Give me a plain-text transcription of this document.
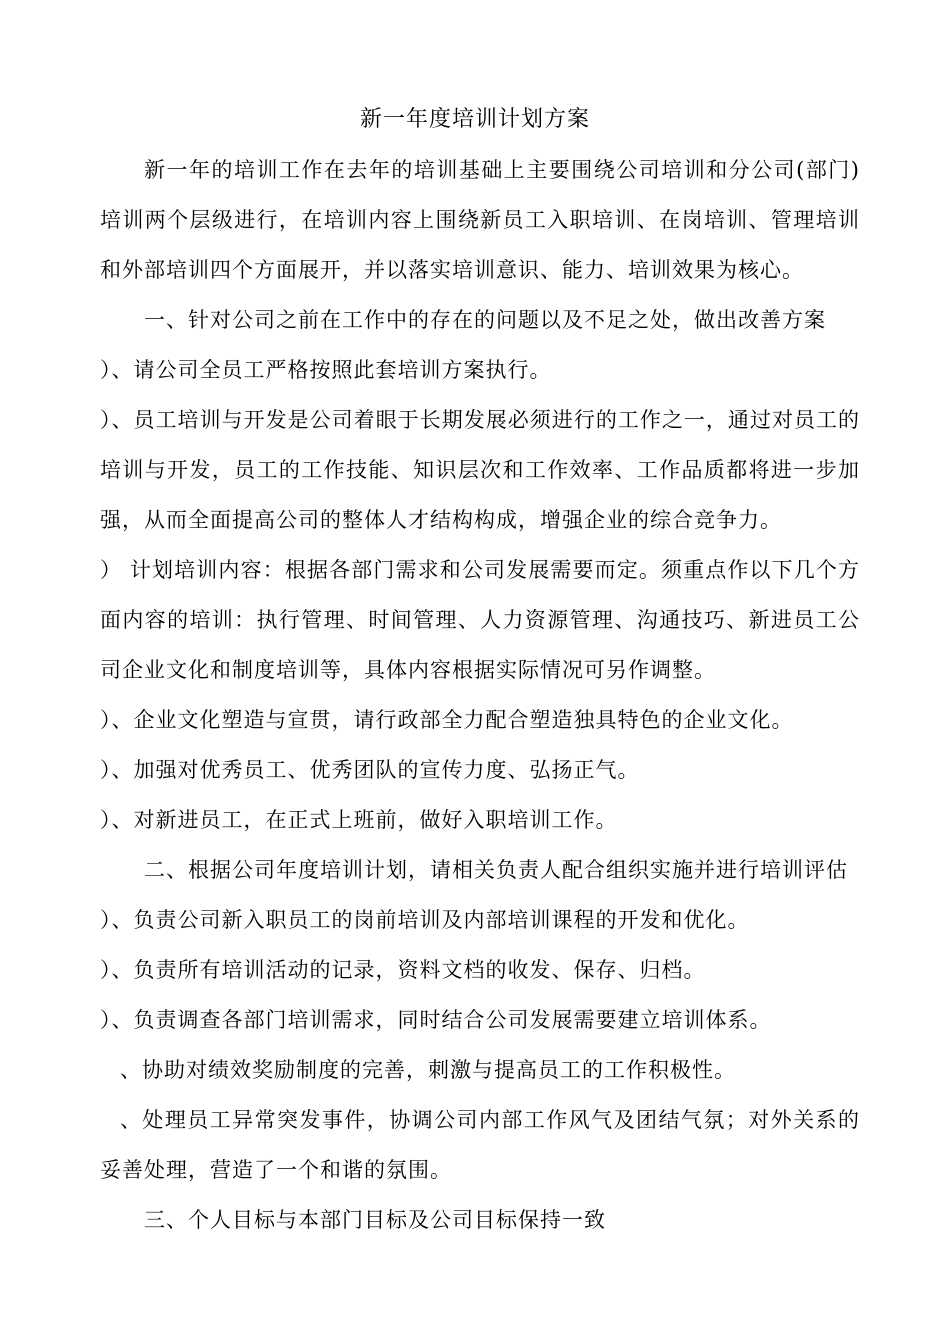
新一年度培训计划方案

新一年的培训工作在去年的培训基础上主要围绕公司培训和分公司(部门)培训两个层级进行，在培训内容上围绕新员工入职培训、在岗培训、管理培训和外部培训四个方面展开，并以落实培训意识、能力、培训效果为核心。

一、针对公司之前在工作中的存在的问题以及不足之处，做出改善方案

）、请公司全员工严格按照此套培训方案执行。

）、员工培训与开发是公司着眼于长期发展必须进行的工作之一，通过对员工的培训与开发，员工的工作技能、知识层次和工作效率、工作品质都将进一步加强，从而全面提高公司的整体人才结构构成，增强企业的综合竞争力。

） 计划培训内容：根据各部门需求和公司发展需要而定。须重点作以下几个方面内容的培训：执行管理、时间管理、人力资源管理、沟通技巧、新进员工公司企业文化和制度培训等，具体内容根据实际情况可另作调整。

）、企业文化塑造与宣贯，请行政部全力配合塑造独具特色的企业文化。

）、加强对优秀员工、优秀团队的宣传力度、弘扬正气。

）、对新进员工，在正式上班前，做好入职培训工作。

二、根据公司年度培训计划，请相关负责人配合组织实施并进行培训评估

）、负责公司新入职员工的岗前培训及内部培训课程的开发和优化。

）、负责所有培训活动的记录，资料文档的收发、保存、归档。

）、负责调查各部门培训需求，同时结合公司发展需要建立培训体系。

、协助对绩效奖励制度的完善，刺激与提高员工的工作积极性。

、处理员工异常突发事件，协调公司内部工作风气及团结气氛；对外关系的妥善处理，营造了一个和谐的氛围。

三、个人目标与本部门目标及公司目标保持一致
